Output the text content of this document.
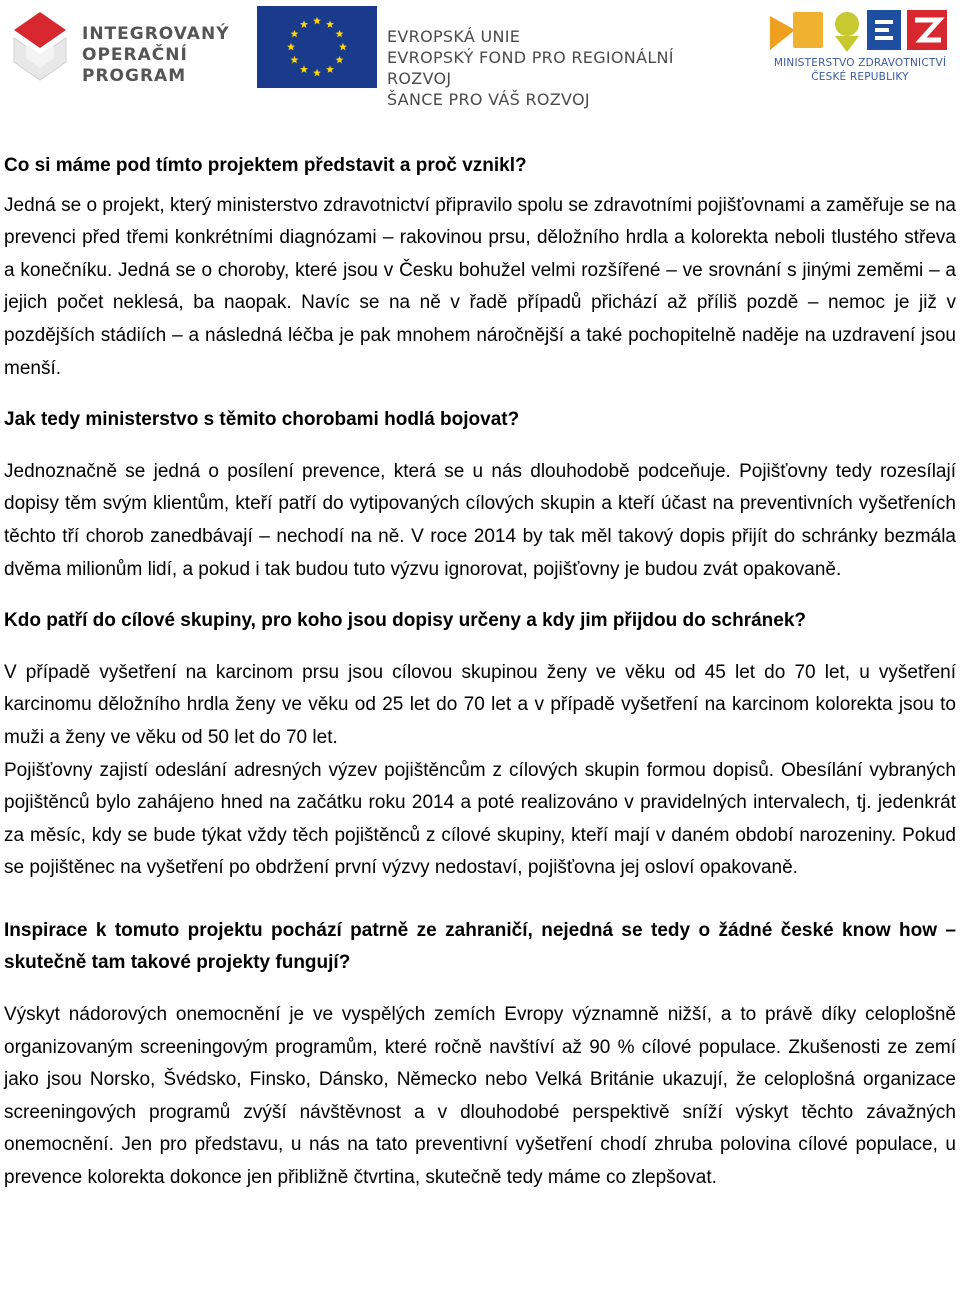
INTEGROVANÝ
OPERAČNÍ
PROGRAM
EVROPSKÁ UNIE
EVROPSKÝ FOND PRO REGIONÁLNÍ ROZVOJ
ŠANCE PRO VÁŠ ROZVOJ
MINISTERSTVO ZDRAVOTNICTVÍ
ČESKÉ REPUBLIKY

Co si máme pod tímto projektem představit a proč vznikl?

Jedná se o projekt, který ministerstvo zdravotnictví připravilo spolu se zdravotními pojišťovnami a zaměřuje se na prevenci před třemi konkrétními diagnózami – rakovinou prsu, děložního hrdla a kolorekta neboli tlustého střeva a konečníku. Jedná se o choroby, které jsou v Česku bohužel velmi rozšířené – ve srovnání s jinými zeměmi – a jejich počet neklesá, ba naopak. Navíc se na ně v řadě případů přichází až příliš pozdě – nemoc je již v pozdějších stádiích – a následná léčba je pak mnohem náročnější a také pochopitelně naděje na uzdravení jsou menší.

Jak tedy ministerstvo s těmito chorobami hodlá bojovat?

Jednoznačně se jedná o posílení prevence, která se u nás dlouhodobě podceňuje. Pojišťovny tedy rozesílají dopisy těm svým klientům, kteří patří do vytipovaných cílových skupin a kteří účast na preventivních vyšetřeních těchto tří chorob zanedbávají – nechodí na ně. V roce 2014 by tak měl takový dopis přijít do schránky bezmála dvěma milionům lidí, a pokud i tak budou tuto výzvu ignorovat, pojišťovny je budou zvát opakovaně.

Kdo patří do cílové skupiny, pro koho jsou dopisy určeny a kdy jim přijdou do schránek?

V případě vyšetření na karcinom prsu jsou cílovou skupinou ženy ve věku od 45 let do 70 let, u vyšetření karcinomu děložního hrdla ženy ve věku od 25 let do 70 let a v případě vyšetření na karcinom kolorekta jsou to muži a ženy ve věku od 50 let do 70 let.

Pojišťovny zajistí odeslání adresných výzev pojištěncům z cílových skupin formou dopisů. Obesílání vybraných pojištěnců bylo zahájeno hned na začátku roku 2014 a poté realizováno v pravidelných intervalech, tj. jedenkrát za měsíc, kdy se bude týkat vždy těch pojištěnců z cílové skupiny, kteří mají v daném období narozeniny. Pokud se pojištěnec na vyšetření po obdržení první výzvy nedostaví, pojišťovna jej osloví opakovaně.

Inspirace k tomuto projektu pochází patrně ze zahraničí, nejedná se tedy o žádné české know how – skutečně tam takové projekty fungují?

Výskyt nádorových onemocnění je ve vyspělých zemích Evropy významně nižší, a to právě díky celoplošně organizovaným screeningovým programům, které ročně navštíví až 90 % cílové populace. Zkušenosti ze zemí jako jsou Norsko, Švédsko, Finsko, Dánsko, Německo nebo Velká Británie ukazují, že celoplošná organizace screeningových programů zvýší návštěvnost a v dlouhodobé perspektivě sníží výskyt těchto závažných onemocnění. Jen pro představu, u nás na tato preventivní vyšetření chodí zhruba polovina cílové populace, u prevence kolorekta dokonce jen přibližně čtvrtina, skutečně tedy máme co zlepšovat.
